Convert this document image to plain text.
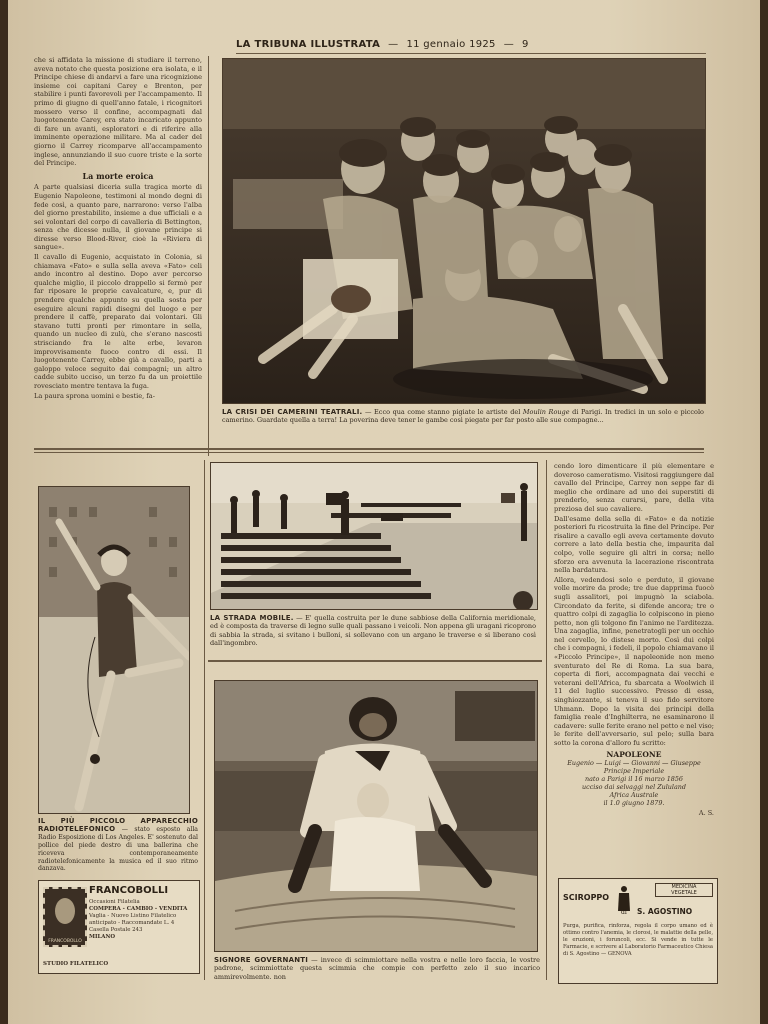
LA TRIBUNA ILLUSTRATA — 11 gennaio 1925 — 9

che si affidata la missione di studiare il terreno, aveva notato che questa posizione era isolata, e il Principe chiese di andarvi a fare una ricognizione insieme coi capitani Carey e Brenton, per stabilire i punti favorevoli per l'accampamento. Il primo di giugno di quell'anno fatale, i ricognitori mossero verso il confine, accompagnati dal luogotenente Carey, era stato incaricato appunto di fare un avanti, esploratori e di riferire alla imminente operazione militare. Ma al cader del giorno il Carrey ricomparve all'accampamento inglese, annunziando il suo cuore triste e la sorte del Principe.

La morte eroica

A parte qualsiasi diceria sulla tragica morte di Eugenio Napoleone, testimoni al mondo degni di fede così, a quanto pare, narrarono: verso l'alba del giorno prestabilito, insieme a due ufficiali e a sei volontari del corpo di cavalleria di Bettington, senza che dicesse nulla, il giovane principe si diresse verso Blood-River, cioè la «Riviera di sangue».

Il cavallo di Eugenio, acquistato in Colonia, si chiamava «Fato» e sulla sella aveva «Fato» celi ando incontro al destino. Dopo aver percorso qualche miglio, il piccolo drappello si fermò per far riposare le proprie cavalcature, e, pur di prendere qualche appunto su quella sosta per eseguire alcuni rapidi disegni del luogo e per prendere il caffè, preparato dai volontari. Gli stavano tutti pronti per rimontare in sella, quando un nucleo di zulù, che s'erano nascosti strisciando fra le alte erbe, levaron improvvisamente fuoco contro di essi. Il luogotenente Carrey, ebbe già a cavallo, parti a galoppo veloce seguito dai compagni; un altro cadde subito ucciso, un terzo fu da un proiettile rovesciato mentre tentava la fuga.

La paura sprona uomini e bestie, fa-

LA CRISI DEI CAMERINI TEATRALI. — Ecco qua come stanno pigiate le artiste del Moulin Rouge di Parigi. In tredici in un solo e piccolo camerino. Guardate quella a terra! La poverina deve tener le gambe così piegate per far posto alle sue compagne...
IL PIÙ PICCOLO APPARECCHIO RADIOTELEFONICO — stato esposto alla Radio Esposizione di Los Angeles. E' sostenuto dal pollice del piede destro di una ballerina che riceveva contemporaneamente radiotelefonicamente la musica ed il suo ritmo danzava.
FRANCOBOLLO
FRANCOBOLLI
Occasioni Filatelia
COMPERA - CAMBIO - VENDITA
Vaglia - Nuovo Listino Filatelico
anticipato - Raccomandate L. 4
Casella Postale 243
MILANO
STUDIO FILATELICO
LA STRADA MOBILE. — E' quella costruita per le dune sabbiose della California meridionale, ed è composta da traverse di legno sulle quali passano i veicoli. Non appena gli uragani ricoprono di sabbia la strada, si svitano i bulloni, si sollevano con un argano le traverse e si liberano così dall'ingombro.
SIGNORE GOVERNANTI — invece di scimmiottare nella vostra e nelle loro faccia, le vostre padrone, scimmiottate questa scimmia che compie con perfetto zelo il suo incarico ammirevolmente. non

cendo loro dimenticare il più elementare e doveroso cameratismo. Visitosi raggiungere dal cavallo del Principe, Carrey non seppe far di meglio che ordinare ad uno dei superstiti di prenderlo, senza curarsi, pare, della vita preziosa del suo cavaliere.

Dall'esame della sella di «Fato» e da notizie posteriori fu ricostruita la fine del Principe. Per risalire a cavallo egli aveva certamente dovuto correre a lato della bestia che, impaurita dal colpo, volle seguire gli altri in corsa; nello sforzo era avvenuta la lacerazione riscontrata nella bardatura.

Allora, vedendosi solo e perduto, il giovane volle morire da prode; tre due dapprima fuocò sugli assalitori, poi impugnò la sciabola. Circondato da ferite, si difende ancora; tre o quattro colpi di zagaglia lo colpiscono in pieno petto, non gli tolgono fin l'animo ne l'arditezza. Una zagaglia, infine, penetratogli per un occhio nel cervello, lo distese morto. Così dui colpi che i compagni, i fedeli, il popolo chiamavano il «Piccolo Principe», il napoleonide non meno sventurato del Re di Roma. La sua bara, coperta di fiori, accompagnata dai vecchi e veterani dell'Africa, fu sbarcata a Woolwich il 11 del luglio successivo. Presso di essa, singhiozzante, si teneva il suo fido servitore Uhmann. Dopo la visita dei principi della famiglia reale d'Inghilterra, ne esaminarono il cadavere: sulle ferite erano nel petto e nel viso; le ferite dell'avversario, sul pelo; sulla bara sotto la corona d'alloro fu scritto:

NAPOLEONE
Eugenio — Luigi — Giovanni — Giuseppe
Principe Imperiale
nato a Parigi il 16 marzo 1856
ucciso dai selvaggi nel Zululand
Africa Australe
il 1.0 giugno 1879.
A. S.
SCIROPPO
di S. AGOSTINO
MEDICINA
VEGETALE
Purga, purifica, rinforza, regola il corpo umano ed è ottimo contro l'anemia, le clorosi, le malattie della pelle, le eruzioni, i foruncoli, ecc. Si vende in tutte le Farmacie, e scrivere al Laboratorio Farmaceutico Chiesa di S. Agostino — GENOVA
